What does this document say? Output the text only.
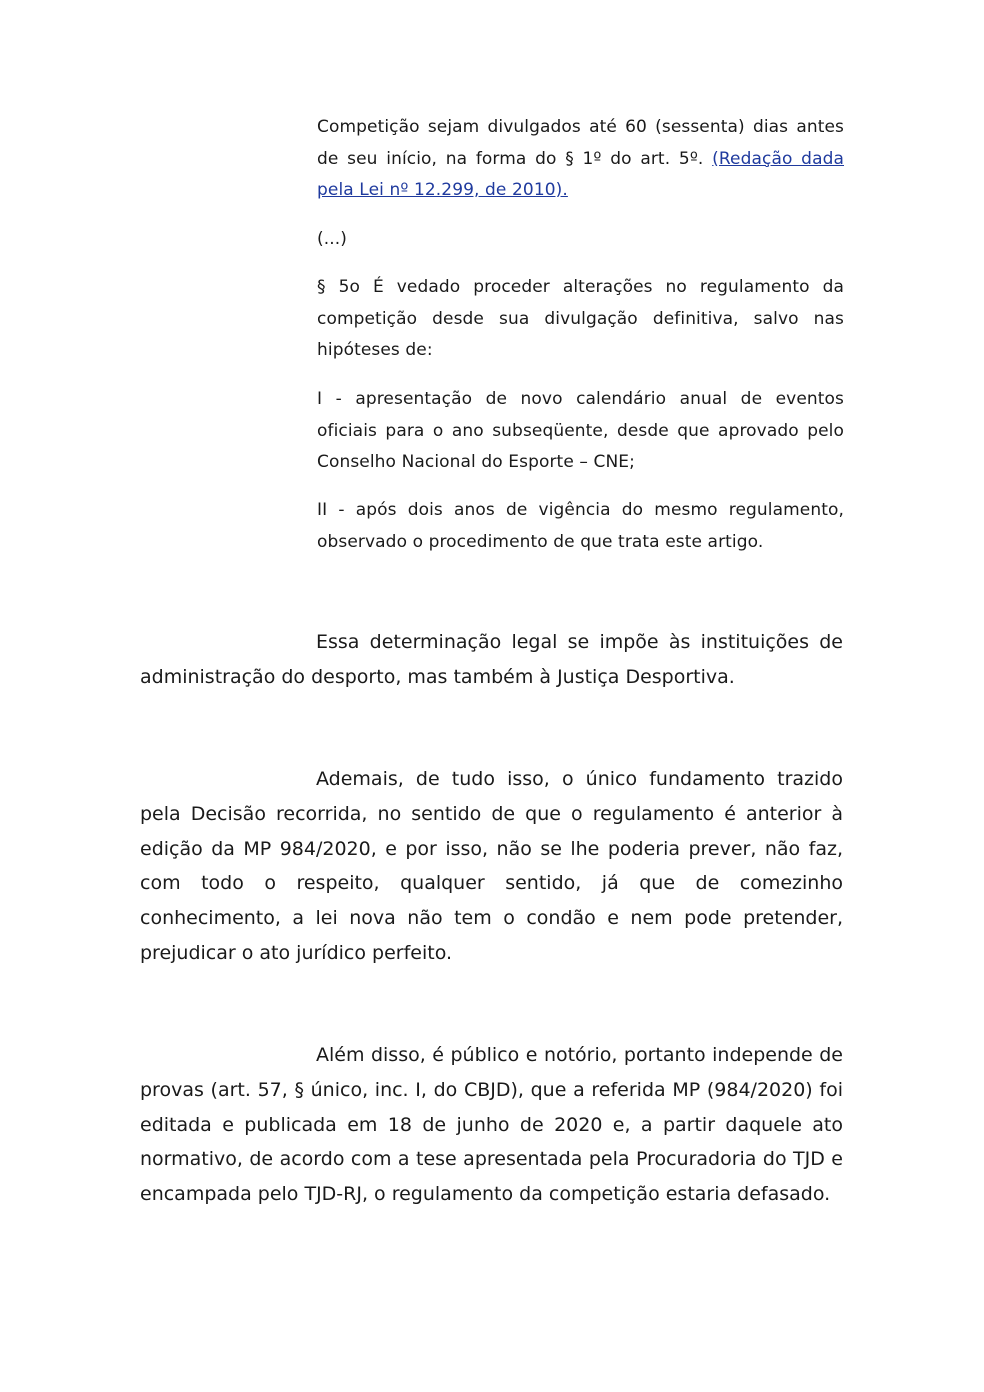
Competição sejam divulgados até 60 (sessenta) dias antes de seu início, na forma do § 1º do art. 5º. (Redação dada pela Lei nº 12.299, de 2010).

(...)

§ 5o É vedado proceder alterações no regulamento da competição desde sua divulgação definitiva, salvo nas hipóteses de:

I - apresentação de novo calendário anual de eventos oficiais para o ano subseqüente, desde que aprovado pelo Conselho Nacional do Esporte – CNE;

II - após dois anos de vigência do mesmo regulamento, observado o procedimento de que trata este artigo.

Essa determinação legal se impõe às instituições de administração do desporto, mas também à Justiça Desportiva.

Ademais, de tudo isso, o único fundamento trazido pela Decisão recorrida, no sentido de que o regulamento é anterior à edição da MP 984/2020, e por isso, não se lhe poderia prever, não faz, com todo o respeito, qualquer sentido, já que de comezinho conhecimento, a lei nova não tem o condão e nem pode pretender, prejudicar o ato jurídico perfeito.

Além disso, é público e notório, portanto independe de provas (art. 57, § único, inc. I, do CBJD), que a referida MP (984/2020) foi editada e publicada em 18 de junho de 2020 e, a partir daquele ato normativo, de acordo com a tese apresentada pela Procuradoria do TJD e encampada pelo TJD-RJ, o regulamento da competição estaria defasado.
